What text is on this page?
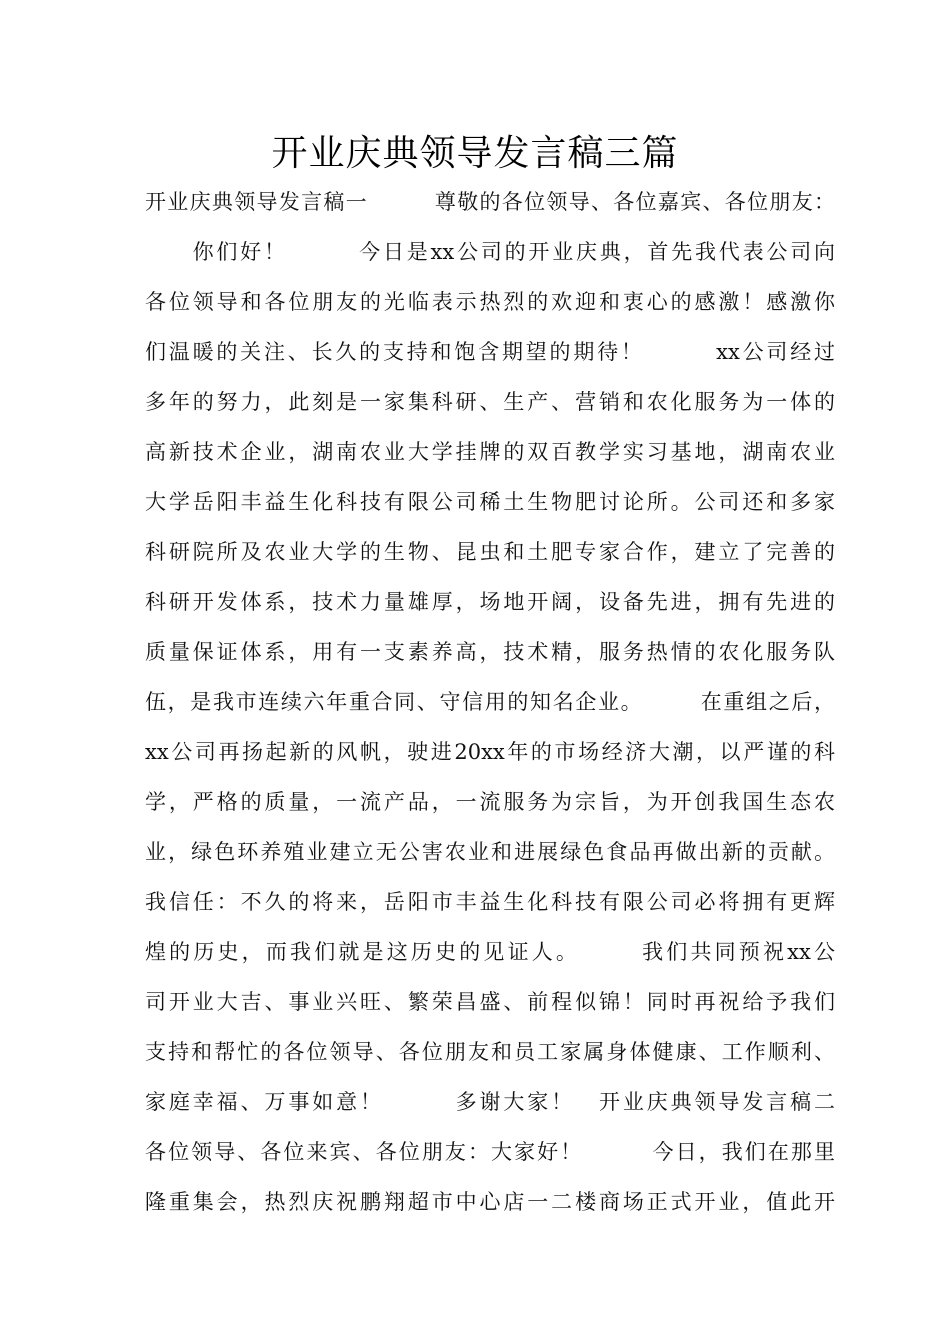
开业庆典领导发言稿三篇
开业庆典领导发言稿一　　　尊敬的各位领导、各位嘉宾、各位朋友：
　　你们好！　　　今日是xx公司的开业庆典，首先我代表公司向
各位领导和各位朋友的光临表示热烈的欢迎和衷心的感激！感激你
们温暖的关注、长久的支持和饱含期望的期待！　　　xx公司经过
多年的努力，此刻是一家集科研、生产、营销和农化服务为一体的
高新技术企业，湖南农业大学挂牌的双百教学实习基地，湖南农业
大学岳阳丰益生化科技有限公司稀土生物肥讨论所。公司还和多家
科研院所及农业大学的生物、昆虫和土肥专家合作，建立了完善的
科研开发体系，技术力量雄厚，场地开阔，设备先进，拥有先进的
质量保证体系，用有一支素养高，技术精，服务热情的农化服务队
伍，是我市连续六年重合同、守信用的知名企业。　　　在重组之后，
xx公司再扬起新的风帆，驶进20xx年的市场经济大潮，以严谨的科
学，严格的质量，一流产品，一流服务为宗旨，为开创我国生态农
业，绿色环养殖业建立无公害农业和进展绿色食品再做出新的贡献。
我信任：不久的将来，岳阳市丰益生化科技有限公司必将拥有更辉
煌的历史，而我们就是这历史的见证人。　　　我们共同预祝xx公
司开业大吉、事业兴旺、繁荣昌盛、前程似锦！同时再祝给予我们
支持和帮忙的各位领导、各位朋友和员工家属身体健康、工作顺利、
家庭幸福、万事如意！　　　多谢大家！　开业庆典领导发言稿二
各位领导、各位来宾、各位朋友：大家好！　　　今日，我们在那里
隆重集会，热烈庆祝鹏翔超市中心店一二楼商场正式开业，值此开
